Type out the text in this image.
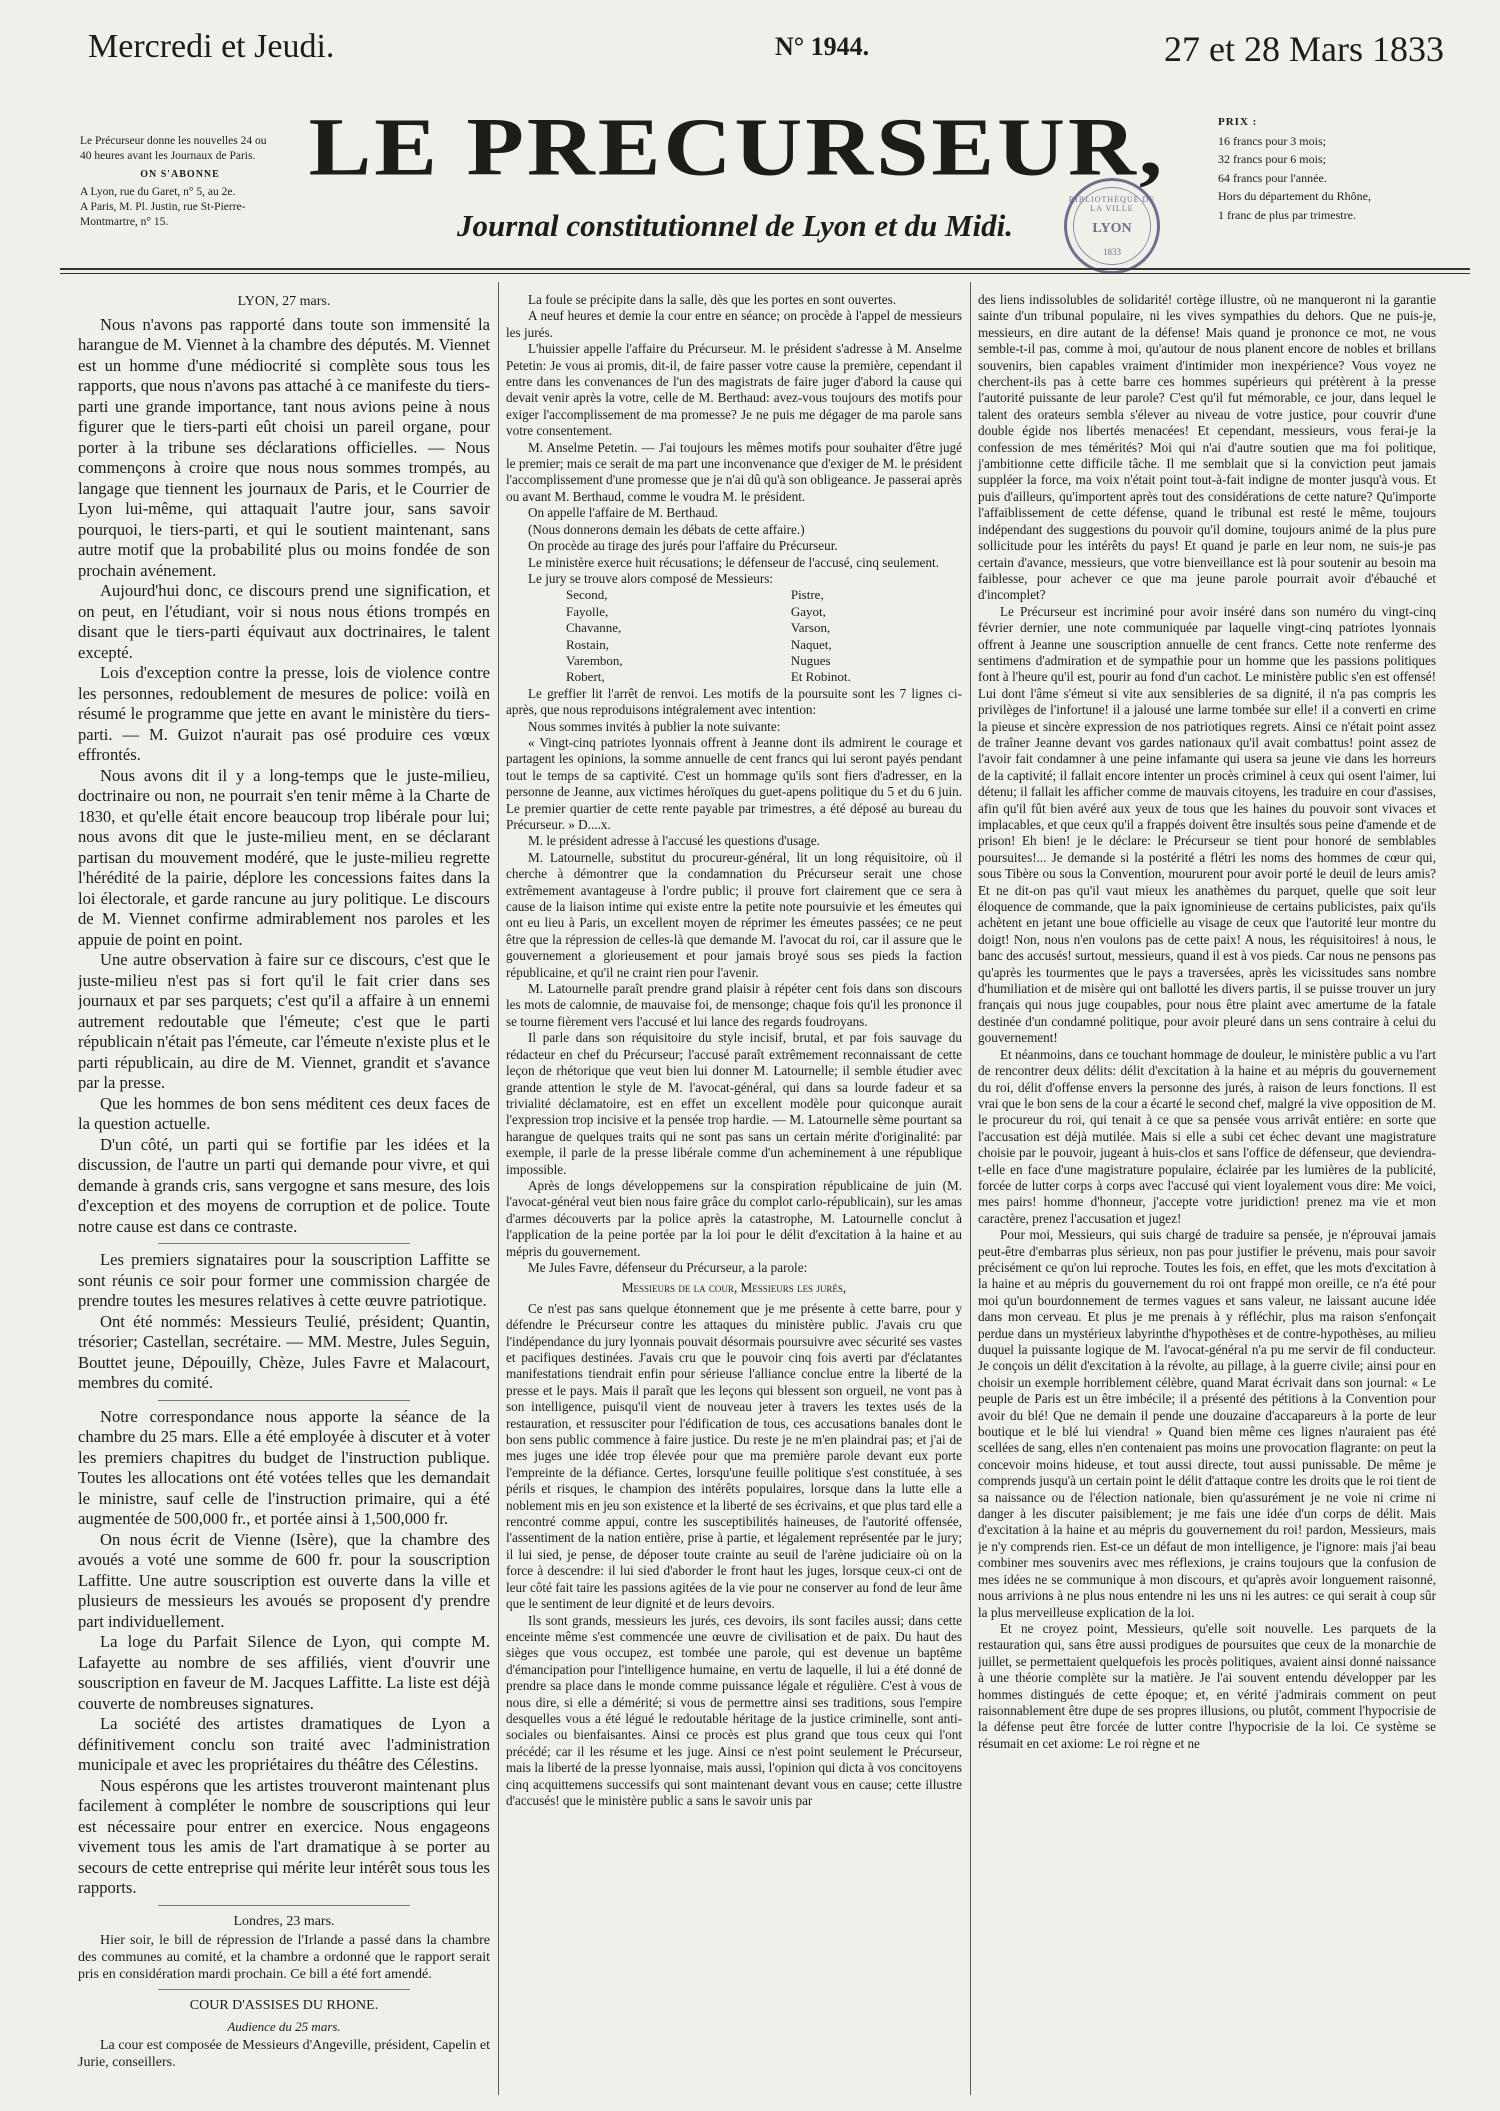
Mercredi et Jeudi.	N° 1944.	27 et 28 Mars 1833
Le Précurseur donne les nouvelles 24 ou 40 heures avant les Journaux de Paris.
ON S'ABONNE
A Lyon, rue du Garet, n° 5, au 2e.
A Paris, M. Pl. Justin, rue St-Pierre-Montmartre, n° 15.
LE PRECURSEUR,
Journal constitutionnel de Lyon et du Midi.
PRIX :
16 francs pour 3 mois;
32 francs pour 6 mois;
64 francs pour l'année.
Hors du département du Rhône,
1 franc de plus par trimestre.
BIBLIOTHÈQUE DE LA VILLE
LYON
1833

LYON, 27 mars.

Nous n'avons pas rapporté dans toute son immensité la harangue de M. Viennet à la chambre des députés. M. Viennet est un homme d'une médiocrité si complète sous tous les rapports, que nous n'avons pas attaché à ce manifeste du tiers-parti une grande importance, tant nous avions peine à nous figurer que le tiers-parti eût choisi un pareil organe, pour porter à la tribune ses déclarations officielles. — Nous commençons à croire que nous nous sommes trompés, au langage que tiennent les journaux de Paris, et le Courrier de Lyon lui-même, qui attaquait l'autre jour, sans savoir pourquoi, le tiers-parti, et qui le soutient maintenant, sans autre motif que la probabilité plus ou moins fondée de son prochain avénement.

Aujourd'hui donc, ce discours prend une signification, et on peut, en l'étudiant, voir si nous nous étions trompés en disant que le tiers-parti équivaut aux doctrinaires, le talent excepté.

Lois d'exception contre la presse, lois de violence contre les personnes, redoublement de mesures de police: voilà en résumé le programme que jette en avant le ministère du tiers-parti. — M. Guizot n'aurait pas osé produire ces vœux effrontés.

Nous avons dit il y a long-temps que le juste-milieu, doctrinaire ou non, ne pourrait s'en tenir même à la Charte de 1830, et qu'elle était encore beaucoup trop libérale pour lui; nous avons dit que le juste-milieu ment, en se déclarant partisan du mouvement modéré, que le juste-milieu regrette l'hérédité de la pairie, déplore les concessions faites dans la loi électorale, et garde rancune au jury politique. Le discours de M. Viennet confirme admirablement nos paroles et les appuie de point en point.

Une autre observation à faire sur ce discours, c'est que le juste-milieu n'est pas si fort qu'il le fait crier dans ses journaux et par ses parquets; c'est qu'il a affaire à un ennemi autrement redoutable que l'émeute; c'est que le parti républicain n'était pas l'émeute, car l'émeute n'existe plus et le parti républicain, au dire de M. Viennet, grandit et s'avance par la presse.

Que les hommes de bon sens méditent ces deux faces de la question actuelle.

D'un côté, un parti qui se fortifie par les idées et la discussion, de l'autre un parti qui demande pour vivre, et qui demande à grands cris, sans vergogne et sans mesure, des lois d'exception et des moyens de corruption et de police. Toute notre cause est dans ce contraste.

Les premiers signataires pour la souscription Laffitte se sont réunis ce soir pour former une commission chargée de prendre toutes les mesures relatives à cette œuvre patriotique.

Ont été nommés: Messieurs Teulié, président; Quantin, trésorier; Castellan, secrétaire. — MM. Mestre, Jules Seguin, Bouttet jeune, Dépouilly, Chèze, Jules Favre et Malacourt, membres du comité.

Notre correspondance nous apporte la séance de la chambre du 25 mars. Elle a été employée à discuter et à voter les premiers chapitres du budget de l'instruction publique. Toutes les allocations ont été votées telles que les demandait le ministre, sauf celle de l'instruction primaire, qui a été augmentée de 500,000 fr., et portée ainsi à 1,500,000 fr.

On nous écrit de Vienne (Isère), que la chambre des avoués a voté une somme de 600 fr. pour la souscription Laffitte. Une autre souscription est ouverte dans la ville et plusieurs de messieurs les avoués se proposent d'y prendre part individuellement.

La loge du Parfait Silence de Lyon, qui compte M. Lafayette au nombre de ses affiliés, vient d'ouvrir une souscription en faveur de M. Jacques Laffitte. La liste est déjà couverte de nombreuses signatures.

La société des artistes dramatiques de Lyon a définitivement conclu son traité avec l'administration municipale et avec les propriétaires du théâtre des Célestins.

Nous espérons que les artistes trouveront maintenant plus facilement à compléter le nombre de souscriptions qui leur est nécessaire pour entrer en exercice. Nous engageons vivement tous les amis de l'art dramatique à se porter au secours de cette entreprise qui mérite leur intérêt sous tous les rapports.

Londres, 23 mars.

Hier soir, le bill de répression de l'Irlande a passé dans la chambre des communes au comité, et la chambre a ordonné que le rapport serait pris en considération mardi prochain. Ce bill a été fort amendé.

COUR D'ASSISES DU RHONE.

Audience du 25 mars.

La cour est composée de Messieurs d'Angeville, président, Capelin et Jurie, conseillers.

La foule se précipite dans la salle, dès que les portes en sont ouvertes.

A neuf heures et demie la cour entre en séance; on procède à l'appel de messieurs les jurés.

L'huissier appelle l'affaire du Précurseur. M. le président s'adresse à M. Anselme Petetin: Je vous ai promis, dit-il, de faire passer votre cause la première, cependant il entre dans les convenances de l'un des magistrats de faire juger d'abord la cause qui devait venir après la votre, celle de M. Berthaud: avez-vous toujours des motifs pour exiger l'accomplissement de ma promesse? Je ne puis me dégager de ma parole sans votre consentement.

M. Anselme Petetin. — J'ai toujours les mêmes motifs pour souhaiter d'être jugé le premier; mais ce serait de ma part une inconvenance que d'exiger de M. le président l'accomplissement d'une promesse que je n'ai dû qu'à son obligeance. Je passerai après ou avant M. Berthaud, comme le voudra M. le président.

On appelle l'affaire de M. Berthaud.

(Nous donnerons demain les débats de cette affaire.)

On procède au tirage des jurés pour l'affaire du Précurseur.

Le ministère exerce huit récusations; le défenseur de l'accusé, cinq seulement.

Le jury se trouve alors composé de Messieurs:

Second,	Pistre,
Fayolle,	Gayot,
Chavanne,	Varson,
Rostain,	Naquet,
Varembon,	Nugues
Robert,	Et Robinot.

Le greffier lit l'arrêt de renvoi. Les motifs de la poursuite sont les 7 lignes ci-après, que nous reproduisons intégralement avec intention:

Nous sommes invités à publier la note suivante:

« Vingt-cinq patriotes lyonnais offrent à Jeanne dont ils admirent le courage et partagent les opinions, la somme annuelle de cent francs qui lui seront payés pendant tout le temps de sa captivité. C'est un hommage qu'ils sont fiers d'adresser, en la personne de Jeanne, aux victimes héroïques du guet-apens politique du 5 et du 6 juin. Le premier quartier de cette rente payable par trimestres, a été déposé au bureau du Précurseur. » D....x.

M. le président adresse à l'accusé les questions d'usage.

M. Latournelle, substitut du procureur-général, lit un long réquisitoire, où il cherche à démontrer que la condamnation du Précurseur serait une chose extrêmement avantageuse à l'ordre public; il prouve fort clairement que ce sera à cause de la liaison intime qui existe entre la petite note poursuivie et les émeutes qui ont eu lieu à Paris, un excellent moyen de réprimer les émeutes passées; ce ne peut être que la répression de celles-là que demande M. l'avocat du roi, car il assure que le gouvernement a glorieusement et pour jamais broyé sous ses pieds la faction républicaine, et qu'il ne craint rien pour l'avenir.

M. Latournelle paraît prendre grand plaisir à répéter cent fois dans son discours les mots de calomnie, de mauvaise foi, de mensonge; chaque fois qu'il les prononce il se tourne fièrement vers l'accusé et lui lance des regards foudroyans.

Il parle dans son réquisitoire du style incisif, brutal, et par fois sauvage du rédacteur en chef du Précurseur; l'accusé paraît extrêmement reconnaissant de cette leçon de rhétorique que veut bien lui donner M. Latournelle; il semble étudier avec grande attention le style de M. l'avocat-général, qui dans sa lourde fadeur et sa trivialité déclamatoire, est en effet un excellent modèle pour quiconque aurait l'expression trop incisive et la pensée trop hardie. — M. Latournelle sème pourtant sa harangue de quelques traits qui ne sont pas sans un certain mérite d'originalité: par exemple, il parle de la presse libérale comme d'un acheminement à une république impossible.

Après de longs développemens sur la conspiration républicaine de juin (M. l'avocat-général veut bien nous faire grâce du complot carlo-républicain), sur les amas d'armes découverts par la police après la catastrophe, M. Latournelle conclut à l'application de la peine portée par la loi pour le délit d'excitation à la haine et au mépris du gouvernement.

Me Jules Favre, défenseur du Précurseur, a la parole:

Messieurs de la cour, Messieurs les jurés,

Ce n'est pas sans quelque étonnement que je me présente à cette barre, pour y défendre le Précurseur contre les attaques du ministère public. J'avais cru que l'indépendance du jury lyonnais pouvait désormais poursuivre avec sécurité ses vastes et pacifiques destinées. J'avais cru que le pouvoir cinq fois averti par d'éclatantes manifestations tiendrait enfin pour sérieuse l'alliance conclue entre la liberté de la presse et le pays. Mais il paraît que les leçons qui blessent son orgueil, ne vont pas à son intelligence, puisqu'il vient de nouveau jeter à travers les textes usés de la restauration, et ressusciter pour l'édification de tous, ces accusations banales dont le bon sens public commence à faire justice. Du reste je ne m'en plaindrai pas; et j'ai de mes juges une idée trop élevée pour que ma première parole devant eux porte l'empreinte de la défiance. Certes, lorsqu'une feuille politique s'est constituée, à ses périls et risques, le champion des intérêts populaires, lorsque dans la lutte elle a noblement mis en jeu son existence et la liberté de ses écrivains, et que plus tard elle a rencontré comme appui, contre les susceptibilités haineuses, de l'autorité offensée, l'assentiment de la nation entière, prise à partie, et légalement représentée par le jury; il lui sied, je pense, de déposer toute crainte au seuil de l'arène judiciaire où on la force à descendre: il lui sied d'aborder le front haut les juges, lorsque ceux-ci ont de leur côté fait taire les passions agitées de la vie pour ne conserver au fond de leur âme que le sentiment de leur dignité et de leurs devoirs.

Ils sont grands, messieurs les jurés, ces devoirs, ils sont faciles aussi; dans cette enceinte même s'est commencée une œuvre de civilisation et de paix. Du haut des sièges que vous occupez, est tombée une parole, qui est devenue un baptême d'émancipation pour l'intelligence humaine, en vertu de laquelle, il lui a été donné de prendre sa place dans le monde comme puissance légale et régulière. C'est à vous de nous dire, si elle a démérité; si vous de permettre ainsi ses traditions, sous l'empire desquelles vous a été légué le redoutable héritage de la justice criminelle, sont anti-sociales ou bienfaisantes. Ainsi ce procès est plus grand que tous ceux qui l'ont précédé; car il les résume et les juge. Ainsi ce n'est point seulement le Précurseur, mais la liberté de la presse lyonnaise, mais aussi, l'opinion qui dicta à vos concitoyens cinq acquittemens successifs qui sont maintenant devant vous en cause; cette illustre d'accusés! que le ministère public a sans le savoir unis par

des liens indissolubles de solidarité! cortège illustre, où ne manqueront ni la garantie sainte d'un tribunal populaire, ni les vives sympathies du dehors. Que ne puis-je, messieurs, en dire autant de la défense! Mais quand je prononce ce mot, ne vous semble-t-il pas, comme à moi, qu'autour de nous planent encore de nobles et brillans souvenirs, bien capables vraiment d'intimider mon inexpérience? Vous voyez ne cherchent-ils pas à cette barre ces hommes supérieurs qui prétèrent à la presse l'autorité puissante de leur parole? C'est qu'il fut mémorable, ce jour, dans lequel le talent des orateurs sembla s'élever au niveau de votre justice, pour couvrir d'une double égide nos libertés menacées! Et cependant, messieurs, vous ferai-je la confession de mes témérités? Moi qui n'ai d'autre soutien que ma foi politique, j'ambitionne cette difficile tâche. Il me semblait que si la conviction peut jamais suppléer la force, ma voix n'était point tout-à-fait indigne de monter jusqu'à vous. Et puis d'ailleurs, qu'importent après tout des considérations de cette nature? Qu'importe l'affaiblissement de cette défense, quand le tribunal est resté le même, toujours indépendant des suggestions du pouvoir qu'il domine, toujours animé de la plus pure sollicitude pour les intérêts du pays! Et quand je parle en leur nom, ne suis-je pas certain d'avance, messieurs, que votre bienveillance est là pour soutenir au besoin ma faiblesse, pour achever ce que ma jeune parole pourrait avoir d'ébauché et d'incomplet?

Le Précurseur est incriminé pour avoir inséré dans son numéro du vingt-cinq février dernier, une note communiquée par laquelle vingt-cinq patriotes lyonnais offrent à Jeanne une souscription annuelle de cent francs. Cette note renferme des sentimens d'admiration et de sympathie pour un homme que les passions politiques font à l'heure qu'il est, pourir au fond d'un cachot. Le ministère public s'en est offensé! Lui dont l'âme s'émeut si vite aux sensibleries de sa dignité, il n'a pas compris les privilèges de l'infortune! il a jalousé une larme tombée sur elle! il a converti en crime la pieuse et sincère expression de nos patriotiques regrets. Ainsi ce n'était point assez de traîner Jeanne devant vos gardes nationaux qu'il avait combattus! point assez de l'avoir fait condamner à une peine infamante qui usera sa jeune vie dans les horreurs de la captivité; il fallait encore intenter un procès criminel à ceux qui osent l'aimer, lui détenu; il fallait les afficher comme de mauvais citoyens, les traduire en cour d'assises, afin qu'il fût bien avéré aux yeux de tous que les haines du pouvoir sont vivaces et implacables, et que ceux qu'il a frappés doivent être insultés sous peine d'amende et de prison! Eh bien! je le déclare: le Précurseur se tient pour honoré de semblables poursuites!... Je demande si la postérité a flétri les noms des hommes de cœur qui, sous Tibère ou sous la Convention, moururent pour avoir porté le deuil de leurs amis? Et ne dit-on pas qu'il vaut mieux les anathèmes du parquet, quelle que soit leur éloquence de commande, que la paix ignominieuse de certains publicistes, paix qu'ils achètent en jetant une boue officielle au visage de ceux que l'autorité leur montre du doigt! Non, nous n'en voulons pas de cette paix! A nous, les réquisitoires! à nous, le banc des accusés! surtout, messieurs, quand il est à vos pieds. Car nous ne pensons pas qu'après les tourmentes que le pays a traversées, après les vicissitudes sans nombre d'humiliation et de misère qui ont ballotté les divers partis, il se puisse trouver un jury français qui nous juge coupables, pour nous être plaint avec amertume de la fatale destinée d'un condamné politique, pour avoir pleuré dans un sens contraire à celui du gouvernement!

Et néanmoins, dans ce touchant hommage de douleur, le ministère public a vu l'art de rencontrer deux délits: délit d'excitation à la haine et au mépris du gouvernement du roi, délit d'offense envers la personne des jurés, à raison de leurs fonctions. Il est vrai que le bon sens de la cour a écarté le second chef, malgré la vive opposition de M. le procureur du roi, qui tenait à ce que sa pensée vous arrivât entière: en sorte que l'accusation est déjà mutilée. Mais si elle a subi cet échec devant une magistrature choisie par le pouvoir, jugeant à huis-clos et sans l'office de défenseur, que deviendra-t-elle en face d'une magistrature populaire, éclairée par les lumières de la publicité, forcée de lutter corps à corps avec l'accusé qui vient loyalement vous dire: Me voici, mes pairs! homme d'honneur, j'accepte votre juridiction! prenez ma vie et mon caractère, prenez l'accusation et jugez!

Pour moi, Messieurs, qui suis chargé de traduire sa pensée, je n'éprouvai jamais peut-être d'embarras plus sérieux, non pas pour justifier le prévenu, mais pour savoir précisément ce qu'on lui reproche. Toutes les fois, en effet, que les mots d'excitation à la haine et au mépris du gouvernement du roi ont frappé mon oreille, ce n'a été pour moi qu'un bourdonnement de termes vagues et sans valeur, ne laissant aucune idée dans mon cerveau. Et plus je me prenais à y réfléchir, plus ma raison s'enfonçait perdue dans un mystérieux labyrinthe d'hypothèses et de contre-hypothèses, au milieu duquel la puissante logique de M. l'avocat-général n'a pu me servir de fil conducteur. Je conçois un délit d'excitation à la révolte, au pillage, à la guerre civile; ainsi pour en choisir un exemple horriblement célèbre, quand Marat écrivait dans son journal: « Le peuple de Paris est un être imbécile; il a présenté des pétitions à la Convention pour avoir du blé! Que ne demain il pende une douzaine d'accapareurs à la porte de leur boutique et le blé lui viendra! » Quand bien même ces lignes n'auraient pas été scellées de sang, elles n'en contenaient pas moins une provocation flagrante: on peut la concevoir moins hideuse, et tout aussi directe, tout aussi punissable. De même je comprends jusqu'à un certain point le délit d'attaque contre les droits que le roi tient de sa naissance ou de l'élection nationale, bien qu'assurément je ne voie ni crime ni danger à les discuter paisiblement; je me fais une idée d'un corps de délit. Mais d'excitation à la haine et au mépris du gouvernement du roi! pardon, Messieurs, mais je n'y comprends rien. Est-ce un défaut de mon intelligence, je l'ignore: mais j'ai beau combiner mes souvenirs avec mes réflexions, je crains toujours que la confusion de mes idées ne se communique à mon discours, et qu'après avoir longuement raisonné, nous arrivions à ne plus nous entendre ni les uns ni les autres: ce qui serait à coup sûr la plus merveilleuse explication de la loi.

Et ne croyez point, Messieurs, qu'elle soit nouvelle. Les parquets de la restauration qui, sans être aussi prodigues de poursuites que ceux de la monarchie de juillet, se permettaient quelquefois les procès politiques, avaient ainsi donné naissance à une théorie complète sur la matière. Je l'ai souvent entendu développer par les hommes distingués de cette époque; et, en vérité j'admirais comment on peut raisonnablement être dupe de ses propres illusions, ou plutôt, comment l'hypocrisie de la défense peut être forcée de lutter contre l'hypocrisie de la loi. Ce système se résumait en cet axiome: Le roi règne et ne
